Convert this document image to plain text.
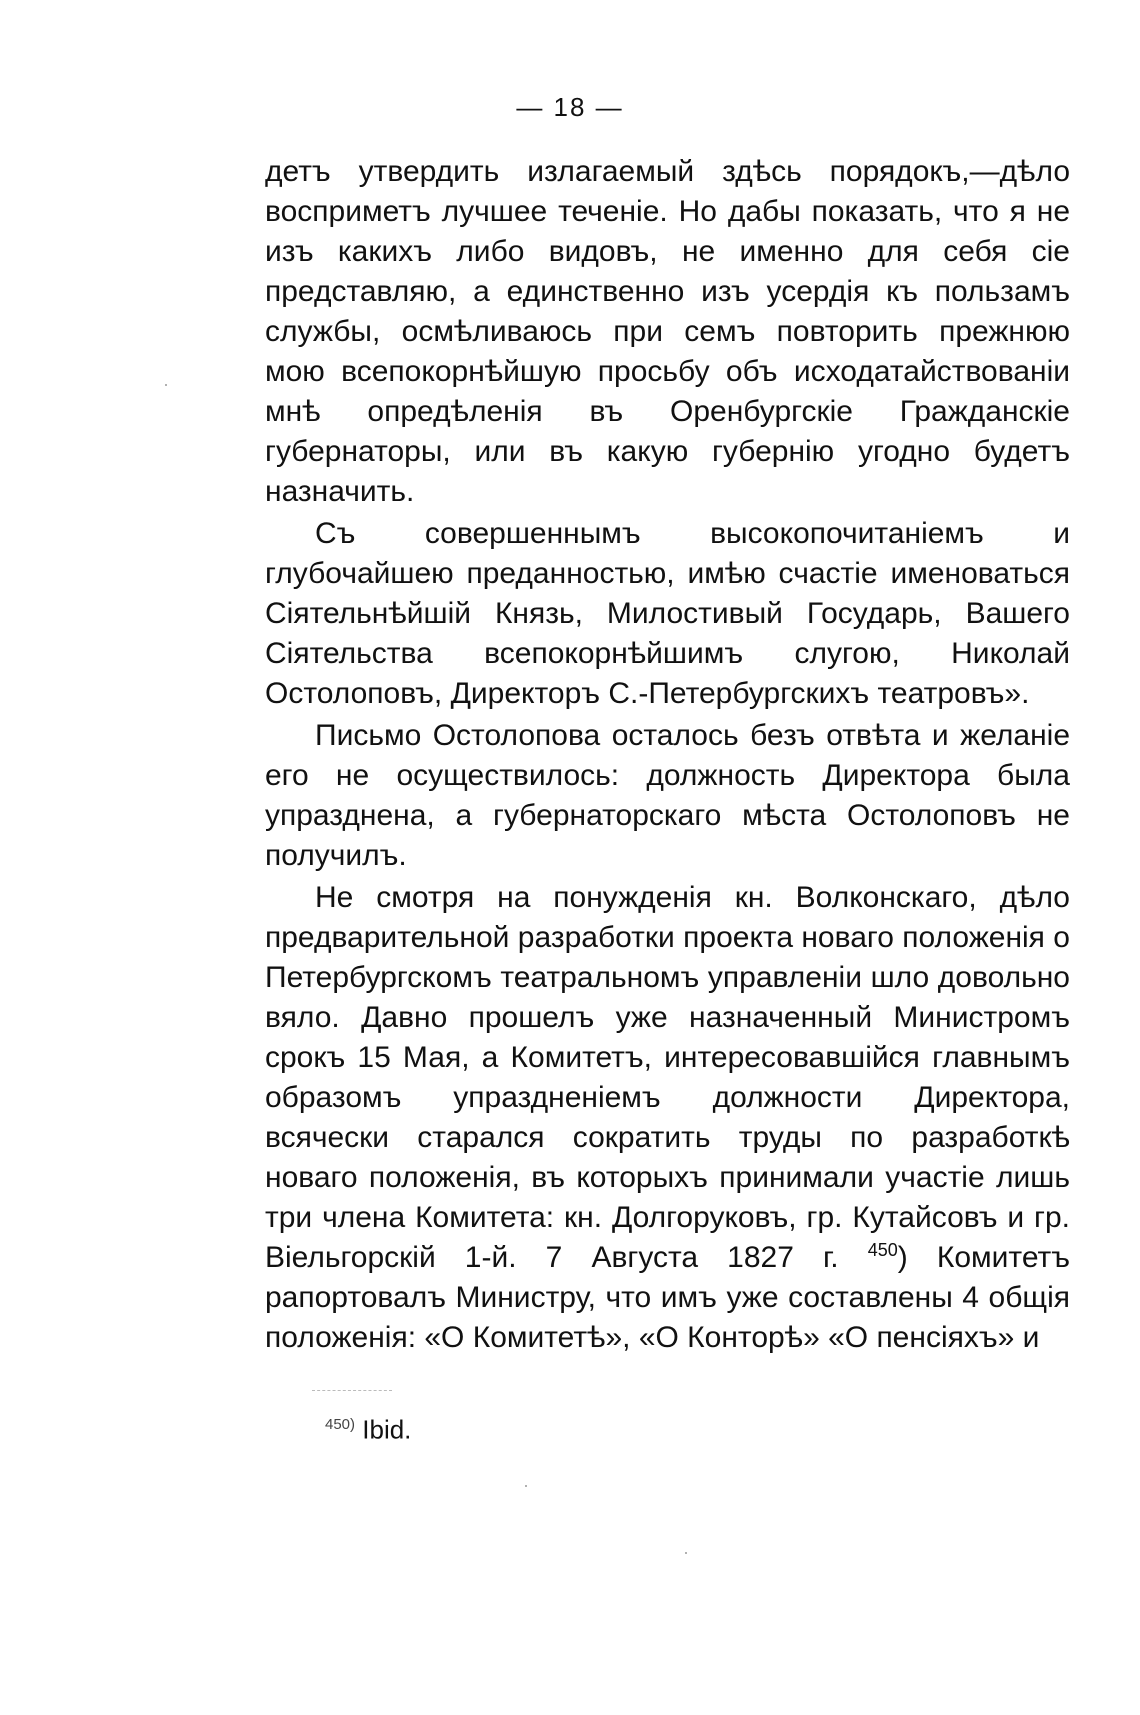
— 18 —

детъ утвердить излагаемый здѣсь порядокъ,—дѣло восприметъ лучшее теченіе. Но дабы показать, что я не изъ какихъ либо видовъ, не именно для себя сіе представляю, а единственно изъ усердія къ пользамъ службы, осмѣливаюсь при семъ повторить прежнюю мою всепокорнѣйшую просьбу объ исходатайствованіи мнѣ опредѣленія въ Оренбургскіе Гражданскіе губернаторы, или въ какую губернію угодно будетъ назначить.

Съ совершеннымъ высокопочитаніемъ и глубочайшею преданностью, имѣю счастіе именоваться Сіятельнѣйшій Князь, Милостивый Государь, Вашего Сіятельства всепокорнѣйшимъ слугою, Николай Остолоповъ, Директоръ С.-Петербургскихъ театровъ».

Письмо Остолопова осталось безъ отвѣта и желаніе его не осуществилось: должность Директора была упразднена, а губернаторскаго мѣста Остолоповъ не получилъ.

Не смотря на понужденія кн. Волконскаго, дѣло предварительной разработки проекта новаго положенія о Петербургскомъ театральномъ управленіи шло довольно вяло. Давно прошелъ уже назначенный Министромъ срокъ 15 Мая, а Комитетъ, интересовавшійся главнымъ образомъ упраздненіемъ должности Директора, всячески старался сократить труды по разработкѣ новаго положенія, въ которыхъ принимали участіе лишь три члена Комитета: кн. Долгоруковъ, гр. Кутайсовъ и гр. Віельгорскій 1-й. 7 Августа 1827 г. $^{450}$) Комитетъ рапортовалъ Министру, что имъ уже составлены 4 общія положенія: «О Комитетѣ», «О Конторѣ» «О пенсіяхъ» и

$^{450)}$ Ibid.
